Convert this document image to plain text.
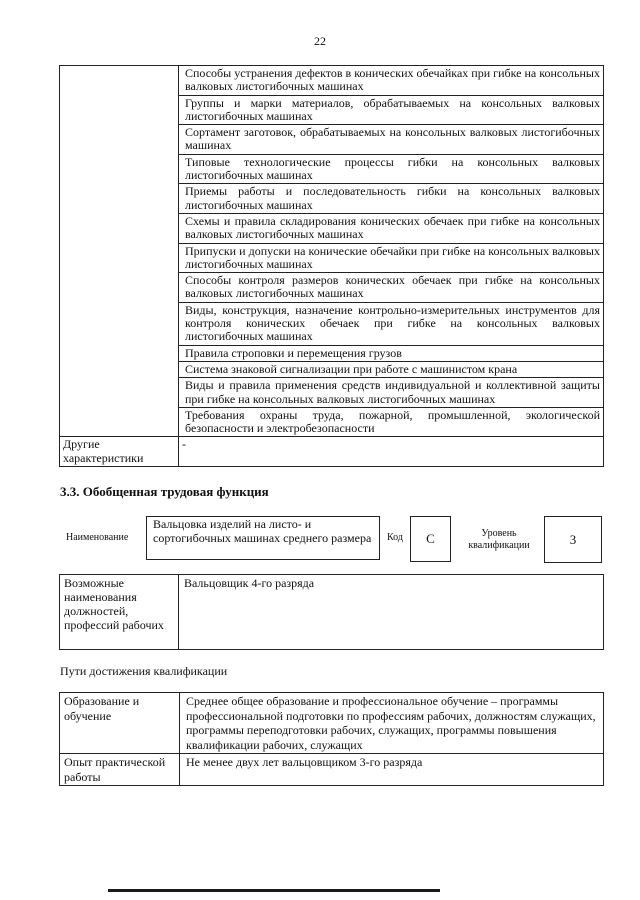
22
	Способы устранения дефектов в конических обечайках при гибке на консольных валковых листогибочных машинах
	Группы и марки материалов, обрабатываемых на консольных валковых листогибочных машинах
	Сортамент заготовок, обрабатываемых на консольных валковых листогибочных машинах
	Типовые технологические процессы гибки на консольных валковых листогибочных машинах
	Приемы работы и последовательность гибки на консольных валковых листогибочных машинах
	Схемы и правила складирования конических обечаек при гибке на консольных валковых листогибочных машинах
	Припуски и допуски на конические обечайки при гибке на консольных валковых листогибочных машинах
	Способы контроля размеров конических обечаек при гибке на консольных валковых листогибочных машинах
	Виды, конструкция, назначение контрольно-измерительных инструментов для контроля конических обечаек при гибке на консольных валковых листогибочных машинах
	Правила строповки и перемещения грузов
	Система знаковой сигнализации при работе с машинистом крана
	Виды и правила применения средств индивидуальной и коллективной защиты при гибке на консольных валковых листогибочных машинах
	Требования охраны труда, пожарной, промышленной, экологической безопасности и электробезопасности
Другие характеристики	-
3.3. Обобщенная трудовая функция
Наименование
Вальцовка изделий на листо- и сортогибочных машинах среднего размера	Код	С	Уровень квалификации	3
Возможные наименования должностей, профессий рабочих	Вальцовщик 4-го разряда
Пути достижения квалификации
Образование и обучение	Среднее общее образование и профессиональное обучение – программы профессиональной подготовки по профессиям рабочих, должностям служащих, программы переподготовки рабочих, служащих, программы повышения квалификации рабочих, служащих
Опыт практической работы	Не менее двух лет вальцовщиком 3-го разряда
